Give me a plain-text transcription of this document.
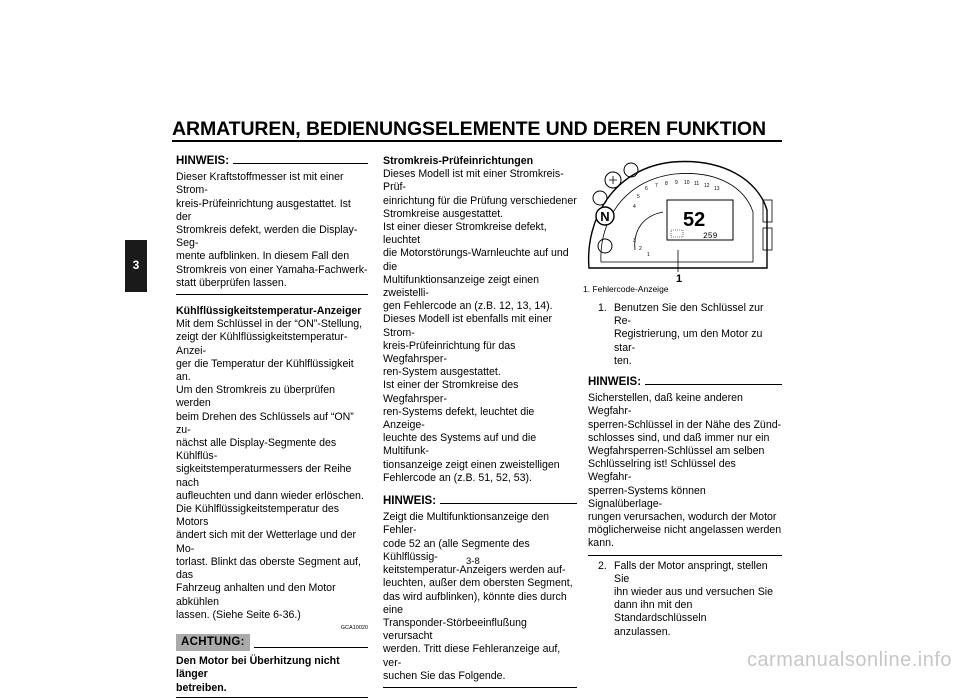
ARMATUREN, BEDIENUNGSELEMENTE UND DEREN FUNKTION
3
HINWEIS:

Dieser Kraftstoffmesser ist mit einer Strom-

kreis-Prüfeinrichtung ausgestattet. Ist der

Stromkreis defekt, werden die Display-Seg-

mente aufblinken. In diesem Fall den

Stromkreis von einer Yamaha-Fachwerk-

statt überprüfen lassen.

Kühlflüssigkeitstemperatur-Anzeiger

Mit dem Schlüssel in der “ON”-Stellung,

zeigt der Kühlflüssigkeitstemperatur-Anzei-

ger die Temperatur der Kühlflüssigkeit an.

Um den Stromkreis zu überprüfen werden

beim Drehen des Schlüssels auf “ON” zu-

nächst alle Display-Segmente des Kühlflüs-

sigkeitstemperaturmessers der Reihe nach

aufleuchten und dann wieder erlöschen.

Die Kühlflüssigkeitstemperatur des Motors

ändert sich mit der Wetterlage und der Mo-

torlast. Blinkt das oberste Segment auf, das

Fahrzeug anhalten und den Motor abkühlen

lassen. (Siehe Seite 6-36.)

GCA10020
ACHTUNG:

Den Motor bei Überhitzung nicht länger

betreiben.

Stromkreis-Prüfeinrichtungen

Dieses Modell ist mit einer Stromkreis-Prüf-

einrichtung für die Prüfung verschiedener

Stromkreise ausgestattet.

Ist einer dieser Stromkreise defekt, leuchtet

die Motorstörungs-Warnleuchte auf und die

Multifunktionsanzeige zeigt einen zweistelli-

gen Fehlercode an (z.B. 12, 13, 14).

Dieses Modell ist ebenfalls mit einer Strom-

kreis-Prüfeinrichtung für das Wegfahrsper-

ren-System ausgestattet.

Ist einer der Stromkreise des Wegfahrsper-

ren-Systems defekt, leuchtet die Anzeige-

leuchte des Systems auf und die Multifunk-

tionsanzeige zeigt einen zweistelligen

Fehlercode an (z.B. 51, 52, 53).

HINWEIS:

Zeigt die Multifunktionsanzeige den Fehler-

code 52 an (alle Segmente des Kühlflüssig-

keitstemperatur-Anzeigers werden auf-

leuchten, außer dem obersten Segment,

das wird aufblinken), könnte dies durch eine

Transponder-Störbeeinflußung verursacht

werden. Tritt diese Fehleranzeige auf, ver-

suchen Sie das Folgende.

N
6 7 8 9 10 11 12 13
5
4
3
2
1
52
259
1
1. Fehlercode-Anzeige
1. Benutzen Sie den Schlüssel zur Re-

Registrierung, um den Motor zu star-

ten.

HINWEIS:

Sicherstellen, daß keine anderen Wegfahr-

sperren-Schlüssel in der Nähe des Zünd-

schlosses sind, und daß immer nur ein

Wegfahrsperren-Schlüssel am selben

Schlüsselring ist! Schlüssel des Wegfahr-

sperren-Systems können Signalüberlage-

rungen verursachen, wodurch der Motor

möglicherweise nicht angelassen werden

kann.

2. Falls der Motor anspringt, stellen Sie

ihn wieder aus und versuchen Sie

dann ihn mit den Standardschlüsseln

anzulassen.

3-8
carmanualsonline.info
